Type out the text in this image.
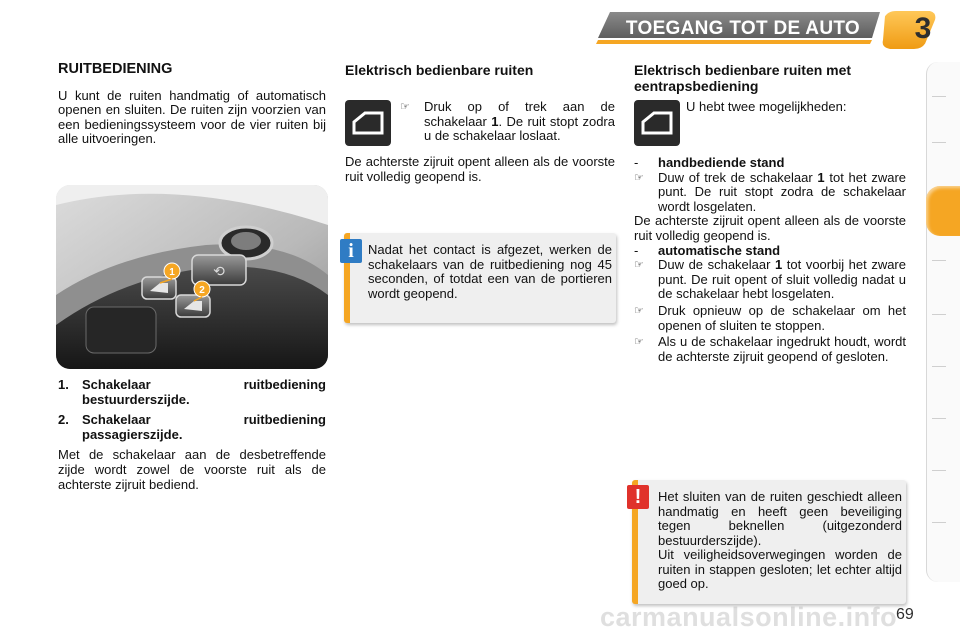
TOEGANG TOT DE AUTO 3
RUITBEDIENING

U kunt de ruiten handmatig of automatisch openen en sluiten. De ruiten zijn voorzien van een bedieningssysteem voor de vier ruiten bij alle uitvoeringen.

⟲
1
2
1.	Schakelaar ruitbediening bestuurderszijde.
2.	Schakelaar ruitbediening passagierszijde.

Met de schakelaar aan de desbetreffende zijde wordt zowel de voorste ruit als de achterste zijruit bediend.

Elektrisch bedienbare ruiten
☞	Druk op of trek aan de schakelaar 1. De ruit stopt zodra u de schakelaar loslaat.

De achterste zijruit opent alleen als de voorste ruit volledig geopend is.

Nadat het contact is afgezet, werken de schakelaars van de ruitbediening nog 45 seconden, of totdat een van de portieren wordt geopend.

i
Elektrisch bedienbare ruiten met eentrapsbediening
U hebt twee mogelijkheden:
-	handbediende stand
☞	Duw of trek de schakelaar 1 tot het zware punt. De ruit stopt zodra de schakelaar wordt losgelaten.

De achterste zijruit opent alleen als de voorste ruit volledig geopend is.

-	automatische stand
☞	Duw de schakelaar 1 tot voorbij het zware punt. De ruit opent of sluit volledig nadat u de schakelaar hebt losgelaten.
☞	Druk opnieuw op de schakelaar om het openen of sluiten te stoppen.
☞	Als u de schakelaar ingedrukt houdt, wordt de achterste zijruit geopend of gesloten.

Het sluiten van de ruiten geschiedt alleen handmatig en heeft geen beveiliging tegen beknellen (uitgezonderd bestuurderszijde).

Uit veiligheidsoverwegingen worden de ruiten in stappen gesloten; let echter altijd goed op.

!
carmanualsonline.info
69
